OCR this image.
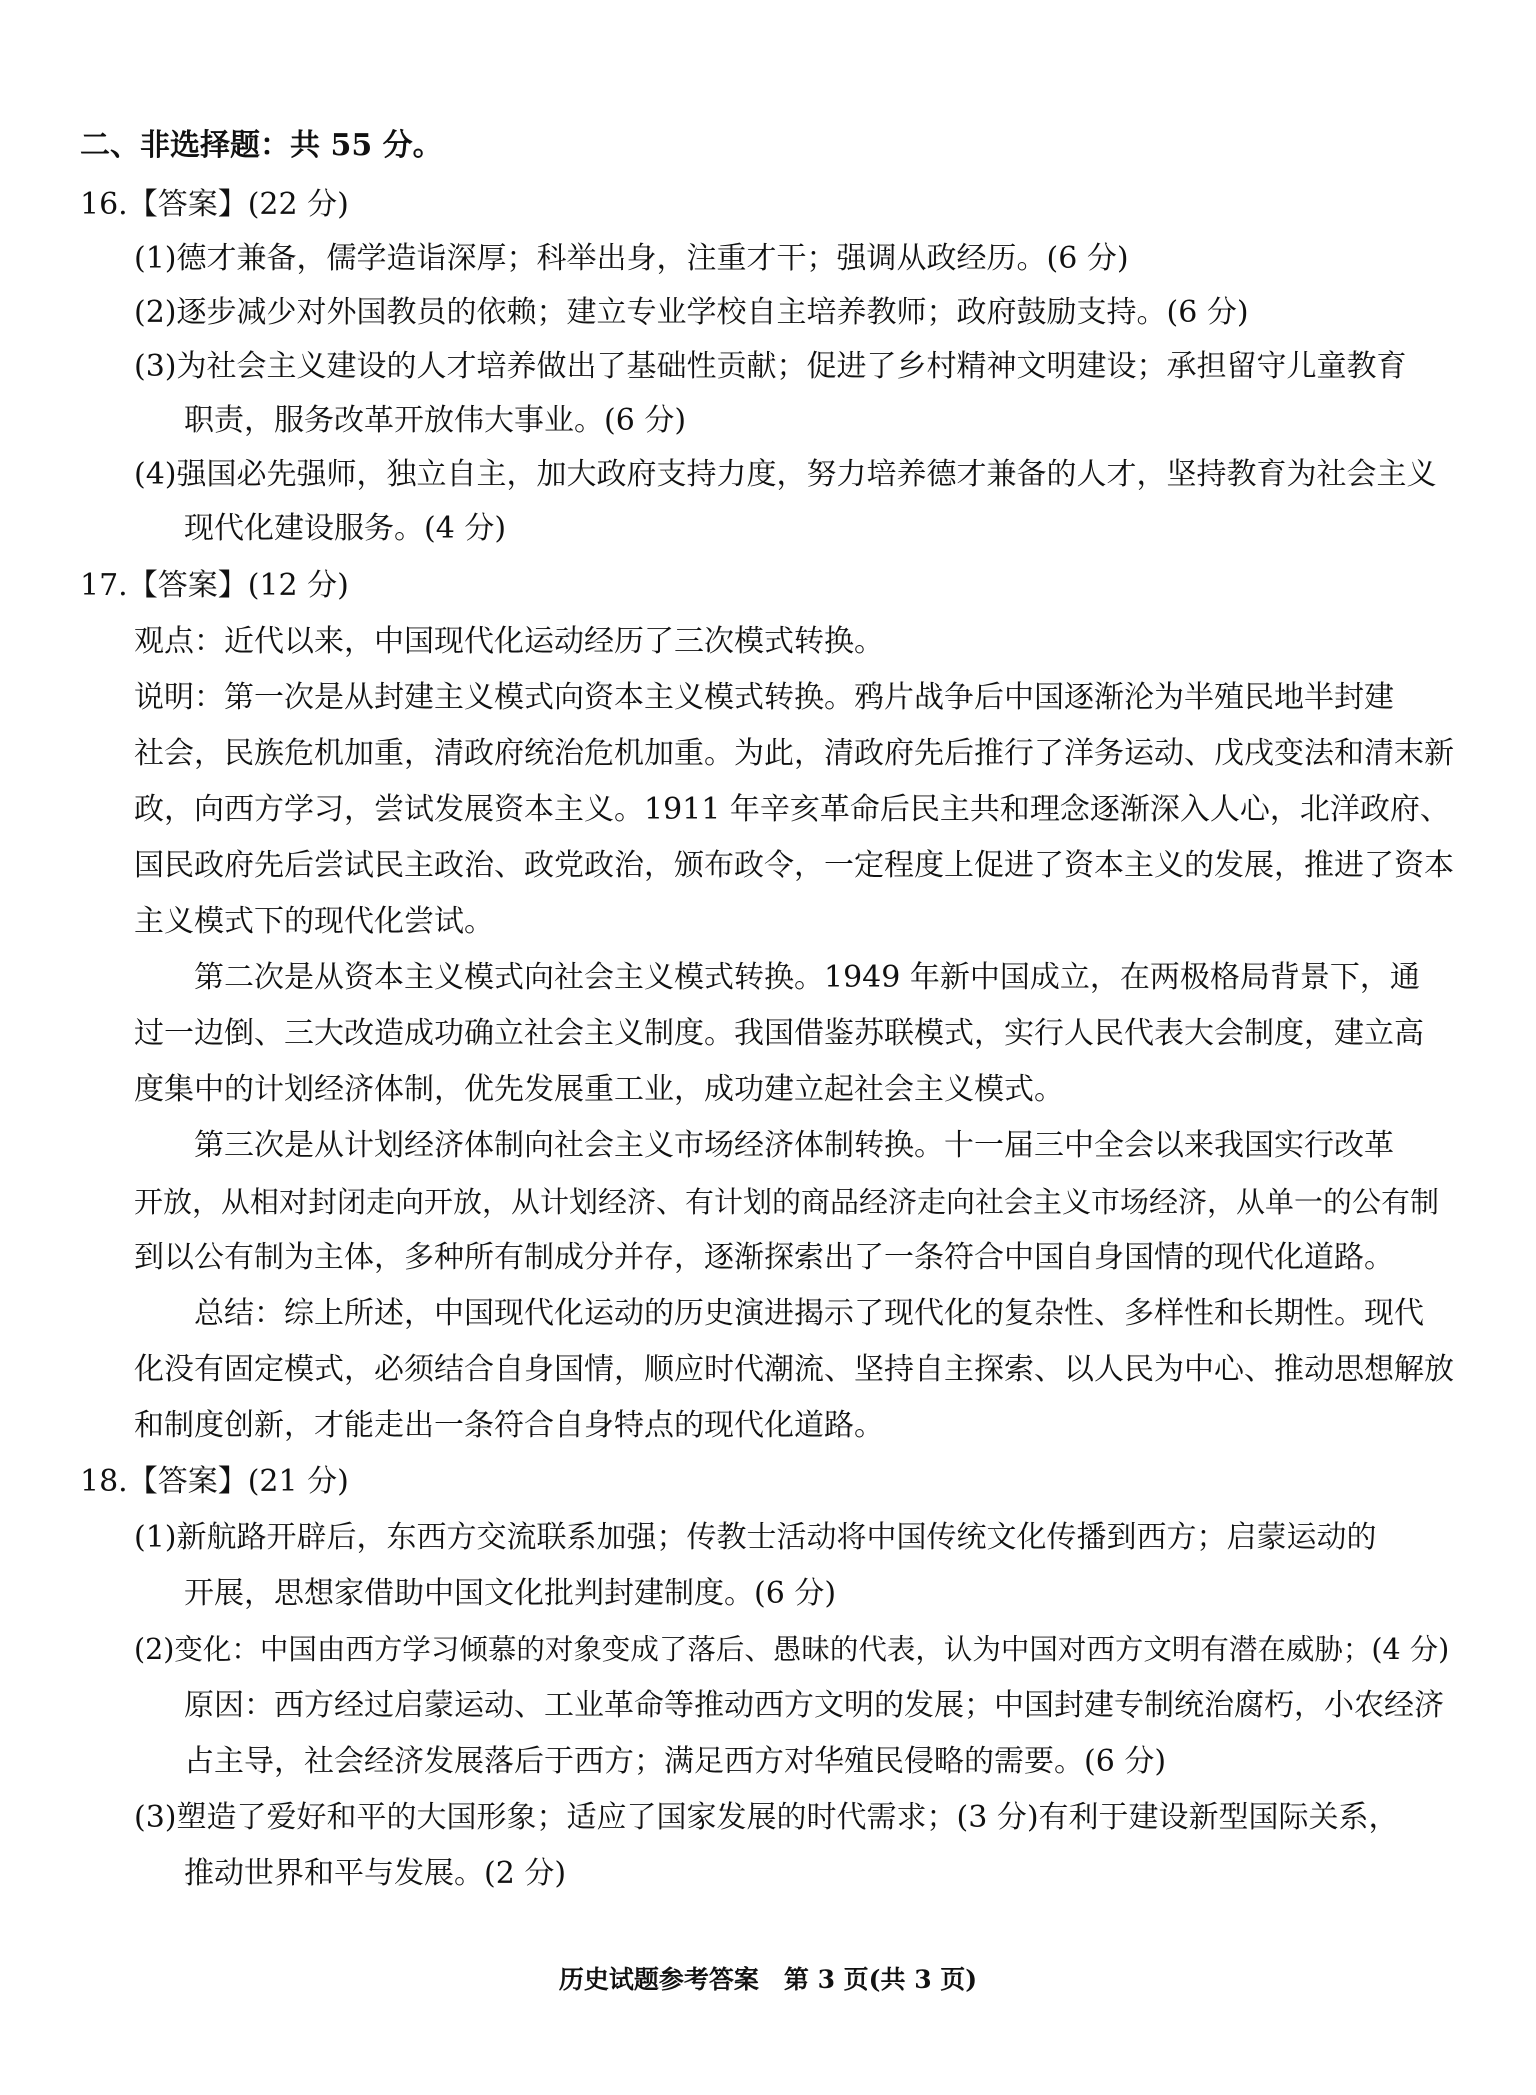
二、非选择题：共 55 分。
16.【答案】(22 分)
(1)德才兼备，儒学造诣深厚；科举出身，注重才干；强调从政经历。(6 分)
(2)逐步减少对外国教员的依赖；建立专业学校自主培养教师；政府鼓励支持。(6 分)
(3)为社会主义建设的人才培养做出了基础性贡献；促进了乡村精神文明建设；承担留守儿童教育
职责，服务改革开放伟大事业。(6 分)
(4)强国必先强师，独立自主，加大政府支持力度，努力培养德才兼备的人才，坚持教育为社会主义
现代化建设服务。(4 分)
17.【答案】(12 分)
观点：近代以来，中国现代化运动经历了三次模式转换。
说明：第一次是从封建主义模式向资本主义模式转换。鸦片战争后中国逐渐沦为半殖民地半封建
社会，民族危机加重，清政府统治危机加重。为此，清政府先后推行了洋务运动、戊戌变法和清末新
政，向西方学习，尝试发展资本主义。1911 年辛亥革命后民主共和理念逐渐深入人心，北洋政府、
国民政府先后尝试民主政治、政党政治，颁布政令，一定程度上促进了资本主义的发展，推进了资本
主义模式下的现代化尝试。
第二次是从资本主义模式向社会主义模式转换。1949 年新中国成立，在两极格局背景下，通
过一边倒、三大改造成功确立社会主义制度。我国借鉴苏联模式，实行人民代表大会制度，建立高
度集中的计划经济体制，优先发展重工业，成功建立起社会主义模式。
第三次是从计划经济体制向社会主义市场经济体制转换。十一届三中全会以来我国实行改革
开放，从相对封闭走向开放，从计划经济、有计划的商品经济走向社会主义市场经济，从单一的公有制
到以公有制为主体，多种所有制成分并存，逐渐探索出了一条符合中国自身国情的现代化道路。
总结：综上所述，中国现代化运动的历史演进揭示了现代化的复杂性、多样性和长期性。现代
化没有固定模式，必须结合自身国情，顺应时代潮流、坚持自主探索、以人民为中心、推动思想解放
和制度创新，才能走出一条符合自身特点的现代化道路。
18.【答案】(21 分)
(1)新航路开辟后，东西方交流联系加强；传教士活动将中国传统文化传播到西方；启蒙运动的
开展，思想家借助中国文化批判封建制度。(6 分)
(2)变化：中国由西方学习倾慕的对象变成了落后、愚昧的代表，认为中国对西方文明有潜在威胁；(4 分)
原因：西方经过启蒙运动、工业革命等推动西方文明的发展；中国封建专制统治腐朽，小农经济
占主导，社会经济发展落后于西方；满足西方对华殖民侵略的需要。(6 分)
(3)塑造了爱好和平的大国形象；适应了国家发展的时代需求；(3 分)有利于建设新型国际关系，
推动世界和平与发展。(2 分)
历史试题参考答案　第 3 页(共 3 页)
